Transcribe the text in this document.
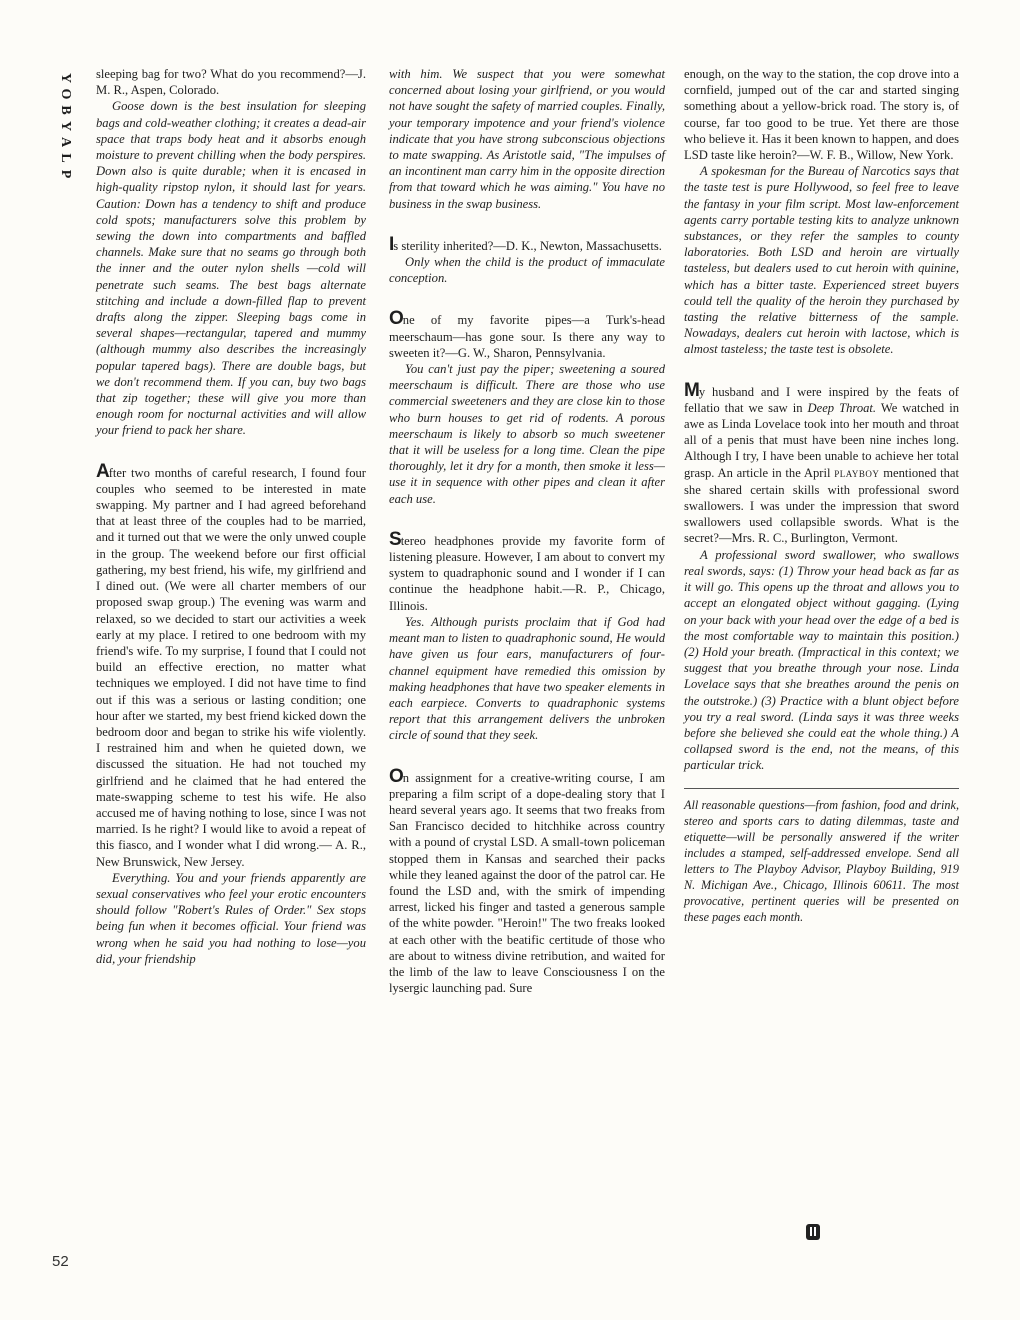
Y
O
B
Y
A
L
P
52

sleeping bag for two? What do you recommend?—J. M. R., Aspen, Colorado.

Goose down is the best insulation for sleeping bags and cold-weather clothing; it creates a dead-air space that traps body heat and it absorbs enough moisture to prevent chilling when the body perspires. Down also is quite durable; when it is encased in high-quality ripstop nylon, it should last for years. Caution: Down has a tendency to shift and produce cold spots; manufacturers solve this problem by sewing the down into compartments and baffled channels. Make sure that no seams go through both the inner and the outer nylon shells —cold will penetrate such seams. The best bags alternate stitching and include a down-filled flap to prevent drafts along the zipper. Sleeping bags come in several shapes—rectangular, tapered and mummy (although mummy also describes the increasingly popular tapered bags). There are double bags, but we don't recommend them. If you can, buy two bags that zip together; these will give you more than enough room for nocturnal activities and will allow your friend to pack her share.

After two months of careful research, I found four couples who seemed to be interested in mate swapping. My partner and I had agreed beforehand that at least three of the couples had to be married, and it turned out that we were the only unwed couple in the group. The weekend before our first official gathering, my best friend, his wife, my girlfriend and I dined out. (We were all charter members of our proposed swap group.) The evening was warm and relaxed, so we decided to start our activities a week early at my place. I retired to one bedroom with my friend's wife. To my surprise, I found that I could not build an effective erection, no matter what techniques we employed. I did not have time to find out if this was a serious or lasting condition; one hour after we started, my best friend kicked down the bedroom door and began to strike his wife violently. I restrained him and when he quieted down, we discussed the situation. He had not touched my girlfriend and he claimed that he had entered the mate-swapping scheme to test his wife. He also accused me of having nothing to lose, since I was not married. Is he right? I would like to avoid a repeat of this fiasco, and I wonder what I did wrong.— A. R., New Brunswick, New Jersey.

Everything. You and your friends apparently are sexual conservatives who feel your erotic encounters should follow "Robert's Rules of Order." Sex stops being fun when it becomes official. Your friend was wrong when he said you had nothing to lose—you did, your friendship

with him. We suspect that you were somewhat concerned about losing your girlfriend, or you would not have sought the safety of married couples. Finally, your temporary impotence and your friend's violence indicate that you have strong subconscious objections to mate swapping. As Aristotle said, "The impulses of an incontinent man carry him in the opposite direction from that toward which he was aiming." You have no business in the swap business.

Is sterility inherited?—D. K., Newton, Massachusetts.

Only when the child is the product of immaculate conception.

One of my favorite pipes—a Turk's-head meerschaum—has gone sour. Is there any way to sweeten it?—G. W., Sharon, Pennsylvania.

You can't just pay the piper; sweetening a soured meerschaum is difficult. There are those who use commercial sweeteners and they are close kin to those who burn houses to get rid of rodents. A porous meerschaum is likely to absorb so much sweetener that it will be useless for a long time. Clean the pipe thoroughly, let it dry for a month, then smoke it less—use it in sequence with other pipes and clean it after each use.

Stereo headphones provide my favorite form of listening pleasure. However, I am about to convert my system to quadraphonic sound and I wonder if I can continue the headphone habit.—R. P., Chicago, Illinois.

Yes. Although purists proclaim that if God had meant man to listen to quadraphonic sound, He would have given us four ears, manufacturers of four-channel equipment have remedied this omission by making headphones that have two speaker elements in each earpiece. Converts to quadraphonic systems report that this arrangement delivers the unbroken circle of sound that they seek.

On assignment for a creative-writing course, I am preparing a film script of a dope-dealing story that I heard several years ago. It seems that two freaks from San Francisco decided to hitchhike across country with a pound of crystal LSD. A small-town policeman stopped them in Kansas and searched their packs while they leaned against the door of the patrol car. He found the LSD and, with the smirk of impending arrest, licked his finger and tasted a generous sample of the white powder. "Heroin!" The two freaks looked at each other with the beatific certitude of those who are about to witness divine retribution, and waited for the limb of the law to leave Consciousness I on the lysergic launching pad. Sure

enough, on the way to the station, the cop drove into a cornfield, jumped out of the car and started singing something about a yellow-brick road. The story is, of course, far too good to be true. Yet there are those who believe it. Has it been known to happen, and does LSD taste like heroin?—W. F. B., Willow, New York.

A spokesman for the Bureau of Narcotics says that the taste test is pure Hollywood, so feel free to leave the fantasy in your film script. Most law-enforcement agents carry portable testing kits to analyze unknown substances, or they refer the samples to county laboratories. Both LSD and heroin are virtually tasteless, but dealers used to cut heroin with quinine, which has a bitter taste. Experienced street buyers could tell the quality of the heroin they purchased by tasting the relative bitterness of the sample. Nowadays, dealers cut heroin with lactose, which is almost tasteless; the taste test is obsolete.

My husband and I were inspired by the feats of fellatio that we saw in Deep Throat. We watched in awe as Linda Lovelace took into her mouth and throat all of a penis that must have been nine inches long. Although I try, I have been unable to achieve her total grasp. An article in the April PLAYBOY mentioned that she shared certain skills with professional sword swallowers. I was under the impression that sword swallowers used collapsible swords. What is the secret?—Mrs. R. C., Burlington, Vermont.

A professional sword swallower, who swallows real swords, says: (1) Throw your head back as far as it will go. This opens up the throat and allows you to accept an elongated object without gagging. (Lying on your back with your head over the edge of a bed is the most comfortable way to maintain this position.) (2) Hold your breath. (Impractical in this context; we suggest that you breathe through your nose. Linda Lovelace says that she breathes around the penis on the outstroke.) (3) Practice with a blunt object before you try a real sword. (Linda says it was three weeks before she believed she could eat the whole thing.) A collapsed sword is the end, not the means, of this particular trick.

All reasonable questions—from fashion, food and drink, stereo and sports cars to dating dilemmas, taste and etiquette—will be personally answered if the writer includes a stamped, self-addressed envelope. Send all letters to The Playboy Advisor, Playboy Building, 919 N. Michigan Ave., Chicago, Illinois 60611. The most provocative, pertinent queries will be presented on these pages each month.
